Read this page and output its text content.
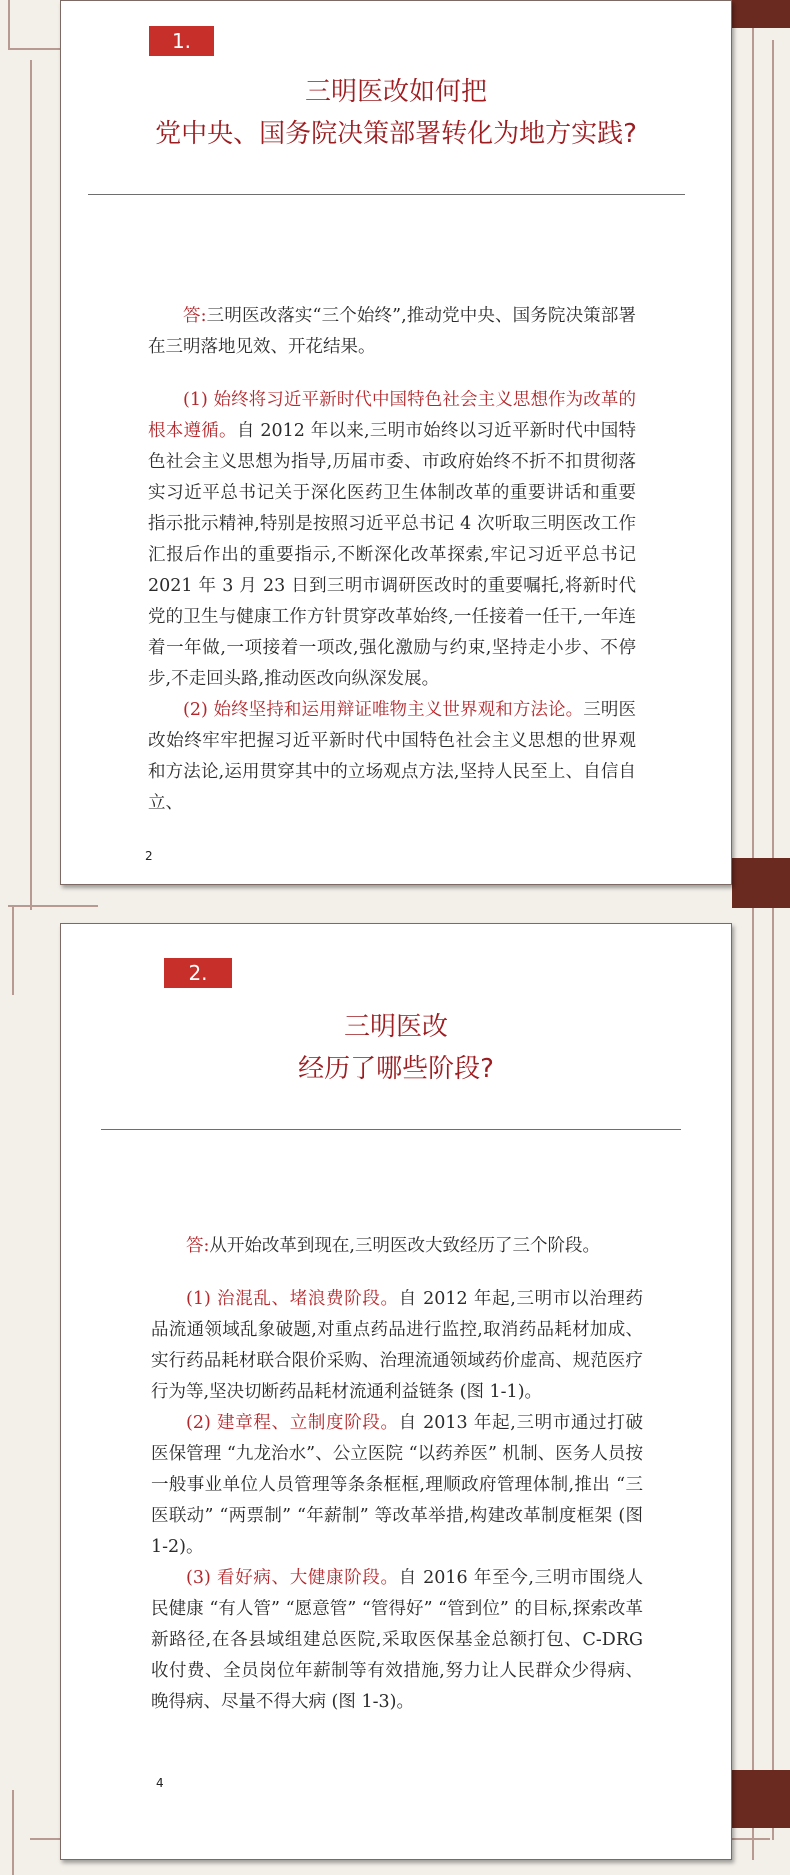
1.
三明医改如何把
党中央、国务院决策部署转化为地方实践?

答:三明医改落实“三个始终”,推动党中央、国务院决策部署在三明落地见效、开花结果。

(1) 始终将习近平新时代中国特色社会主义思想作为改革的根本遵循。自 2012 年以来,三明市始终以习近平新时代中国特色社会主义思想为指导,历届市委、市政府始终不折不扣贯彻落实习近平总书记关于深化医药卫生体制改革的重要讲话和重要指示批示精神,特别是按照习近平总书记 4 次听取三明医改工作汇报后作出的重要指示,不断深化改革探索,牢记习近平总书记 2021 年 3 月 23 日到三明市调研医改时的重要嘱托,将新时代党的卫生与健康工作方针贯穿改革始终,一任接着一任干,一年连着一年做,一项接着一项改,强化激励与约束,坚持走小步、不停步,不走回头路,推动医改向纵深发展。

(2) 始终坚持和运用辩证唯物主义世界观和方法论。三明医改始终牢牢把握习近平新时代中国特色社会主义思想的世界观和方法论,运用贯穿其中的立场观点方法,坚持人民至上、自信自立、

2
2.
三明医改
经历了哪些阶段?

答:从开始改革到现在,三明医改大致经历了三个阶段。

(1) 治混乱、堵浪费阶段。自 2012 年起,三明市以治理药品流通领域乱象破题,对重点药品进行监控,取消药品耗材加成、实行药品耗材联合限价采购、治理流通领域药价虚高、规范医疗行为等,坚决切断药品耗材流通利益链条 (图 1-1)。

(2) 建章程、立制度阶段。自 2013 年起,三明市通过打破医保管理 “九龙治水”、公立医院 “以药养医” 机制、医务人员按一般事业单位人员管理等条条框框,理顺政府管理体制,推出 “三医联动” “两票制” “年薪制” 等改革举措,构建改革制度框架 (图 1-2)。

(3) 看好病、大健康阶段。自 2016 年至今,三明市围绕人民健康 “有人管” “愿意管” “管得好” “管到位” 的目标,探索改革新路径,在各县域组建总医院,采取医保基金总额打包、C-DRG 收付费、全员岗位年薪制等有效措施,努力让人民群众少得病、晚得病、尽量不得大病 (图 1-3)。

4
